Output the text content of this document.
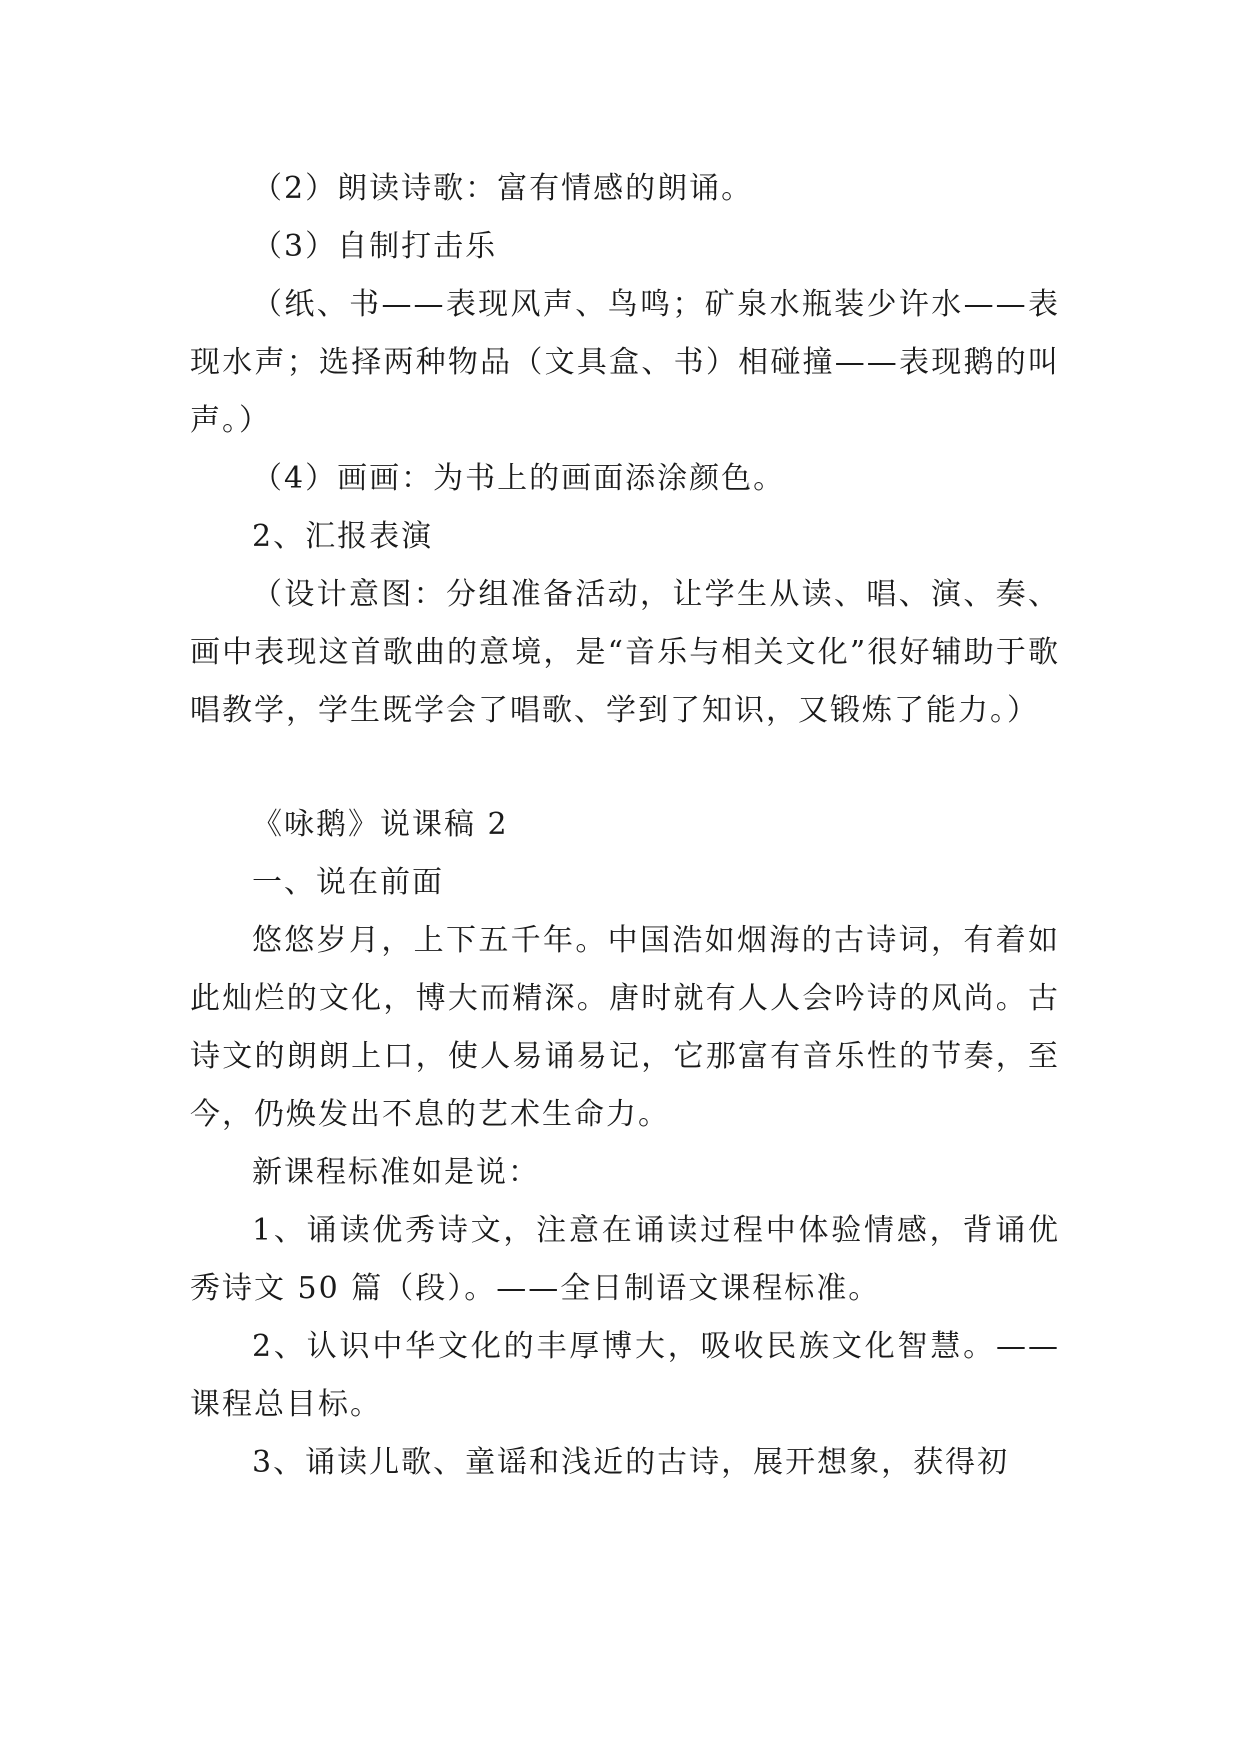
（2）朗读诗歌：富有情感的朗诵。

（3）自制打击乐

（纸、书——表现风声、鸟鸣；矿泉水瓶装少许水——表现水声；选择两种物品（文具盒、书）相碰撞——表现鹅的叫声。）

（4）画画：为书上的画面添涂颜色。

2、汇报表演

（设计意图：分组准备活动，让学生从读、唱、演、奏、画中表现这首歌曲的意境，是“音乐与相关文化”很好辅助于歌唱教学，学生既学会了唱歌、学到了知识，又锻炼了能力。）

《咏鹅》说课稿 2

一、说在前面

悠悠岁月，上下五千年。中国浩如烟海的古诗词，有着如此灿烂的文化，博大而精深。唐时就有人人会吟诗的风尚。古诗文的朗朗上口，使人易诵易记，它那富有音乐性的节奏，至今，仍焕发出不息的艺术生命力。

新课程标准如是说：

1、诵读优秀诗文，注意在诵读过程中体验情感，背诵优秀诗文 50 篇（段）。——全日制语文课程标准。

2、认识中华文化的丰厚博大，吸收民族文化智慧。——课程总目标。

3、诵读儿歌、童谣和浅近的古诗，展开想象，获得初
